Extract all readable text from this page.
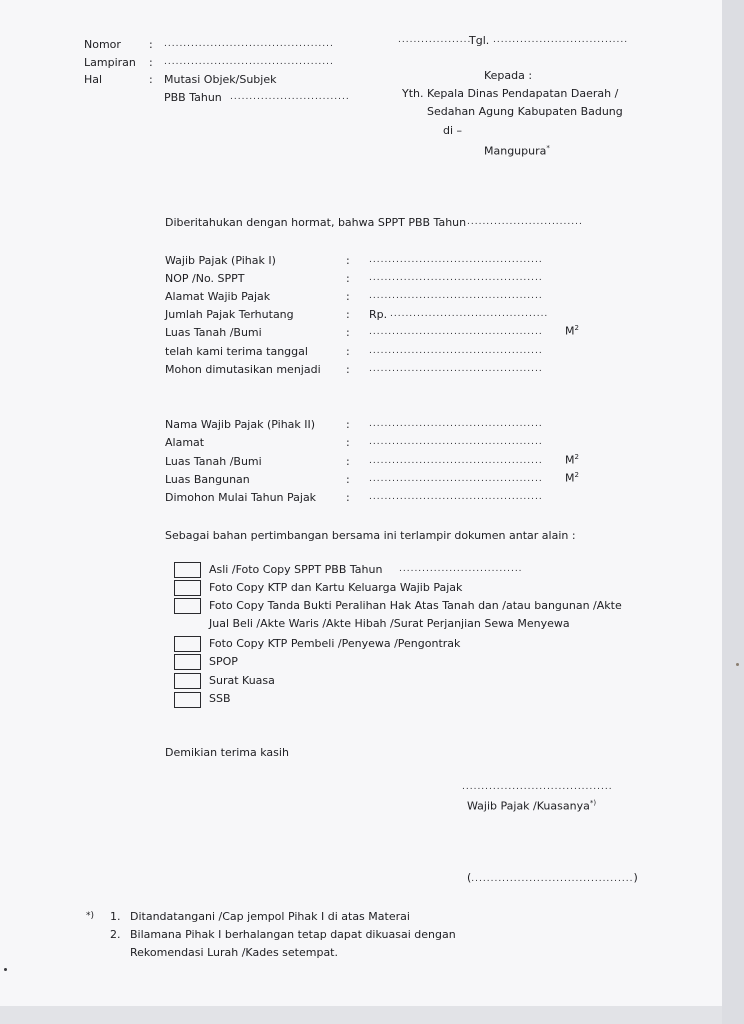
Nomor	: ............................................
Lampiran : ............................................
Hal	: Mutasi Objek/Subjek
PBB Tahun ...............................
...................
Tgl. ...................................
Kepada :
Yth. Kepala Dinas Pendapatan Daerah /
Sedahan Agung Kabupaten Badung
di –
Mangupura*
Diberitahukan dengan hormat, bahwa SPPT PBB Tahun ..............................
Wajib Pajak (Pihak I)	: .............................................
NOP /No. SPPT	: .............................................
Alamat Wajib Pajak	: .............................................
Jumlah Pajak Terhutang	: Rp. .........................................
Luas Tanah /Bumi	: ............................................. $M^2$
telah kami terima tanggal	: .............................................
Mohon dimutasikan menjadi : .............................................
Nama Wajib Pajak (Pihak II)	: .............................................
Alamat	: .............................................
Luas Tanah /Bumi	: ............................................. $M^2$
Luas Bangunan	: ............................................. $M^2$
Dimohon Mulai Tahun Pajak	: .............................................
Sebagai bahan pertimbangan bersama ini terlampir dokumen antar alain :
Asli /Foto Copy SPPT PBB Tahun ................................
Foto Copy KTP dan Kartu Keluarga Wajib Pajak
Foto Copy Tanda Bukti Peralihan Hak Atas Tanah dan /atau bangunan /Akte
Jual Beli /Akte Waris /Akte Hibah /Surat Perjanjian Sewa Menyewa
Foto Copy KTP Pembeli /Penyewa /Pengontrak
SPOP
Surat Kuasa
SSB
Demikian terima kasih
.......................................
Wajib Pajak /Kuasanya*)
(..........................................)
*) 1. Ditandatangani /Cap jempol Pihak I di atas Materai
2. Bilamana Pihak I berhalangan tetap dapat dikuasai dengan
Rekomendasi Lurah /Kades setempat.
